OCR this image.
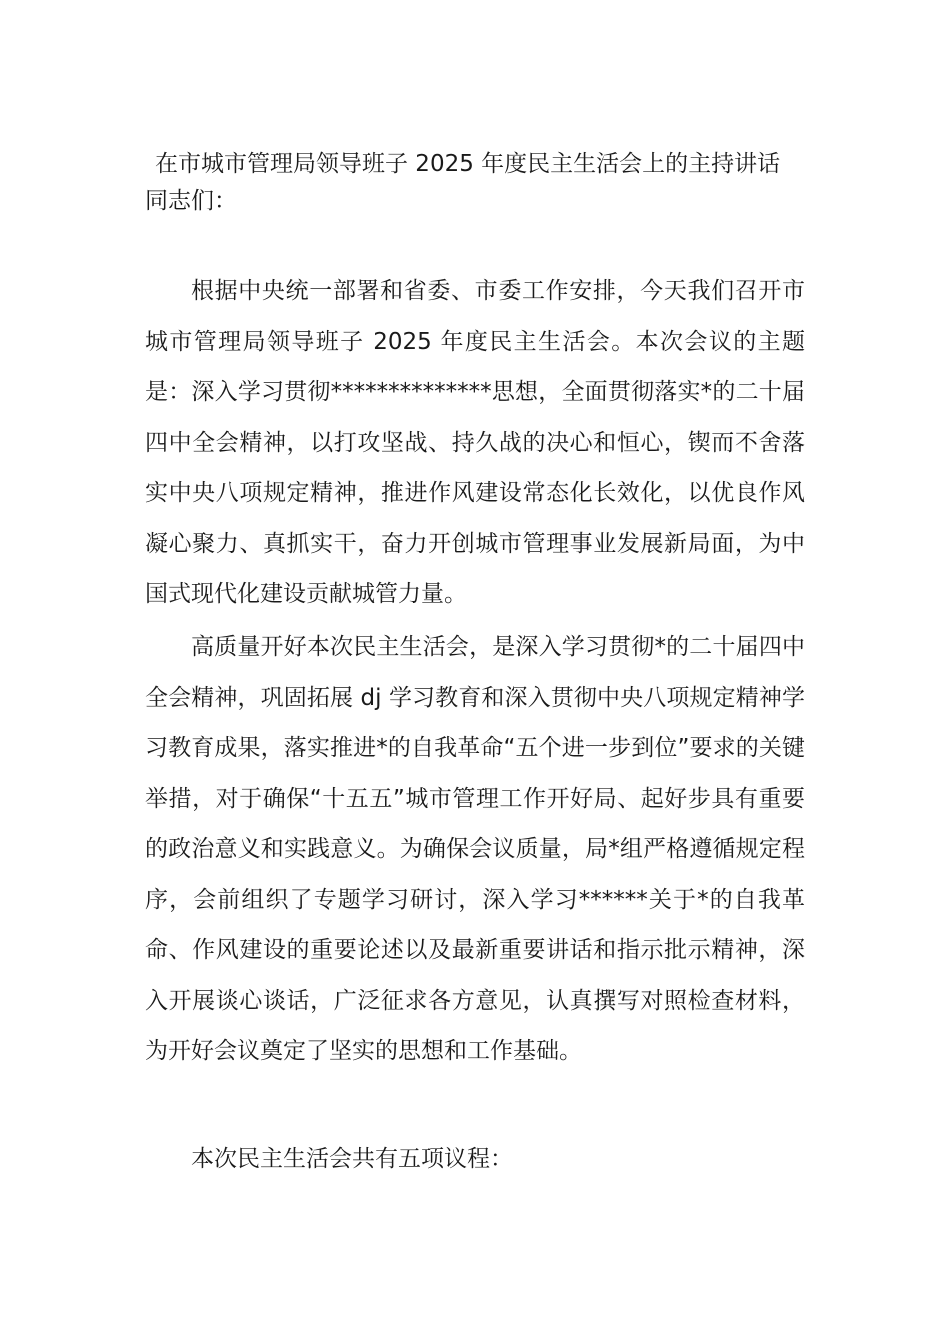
在市城市管理局领导班子 2025 年度民主生活会上的主持讲话
同志们：

根据中央统一部署和省委、市委工作安排，今天我们召开市城市管理局领导班子 2025 年度民主生活会。本次会议的主题是：深入学习贯彻**************思想，全面贯彻落实*的二十届四中全会精神，以打攻坚战、持久战的决心和恒心，锲而不舍落实中央八项规定精神，推进作风建设常态化长效化，以优良作风凝心聚力、真抓实干，奋力开创城市管理事业发展新局面，为中国式现代化建设贡献城管力量。

高质量开好本次民主生活会，是深入学习贯彻*的二十届四中全会精神，巩固拓展 dj 学习教育和深入贯彻中央八项规定精神学习教育成果，落实推进*的自我革命“五个进一步到位”要求的关键举措，对于确保“十五五”城市管理工作开好局、起好步具有重要的政治意义和实践意义。为确保会议质量，局*组严格遵循规定程序，会前组织了专题学习研讨，深入学习******关于*的自我革命、作风建设的重要论述以及最新重要讲话和指示批示精神，深入开展谈心谈话，广泛征求各方意见，认真撰写对照检查材料，为开好会议奠定了坚实的思想和工作基础。

本次民主生活会共有五项议程：
